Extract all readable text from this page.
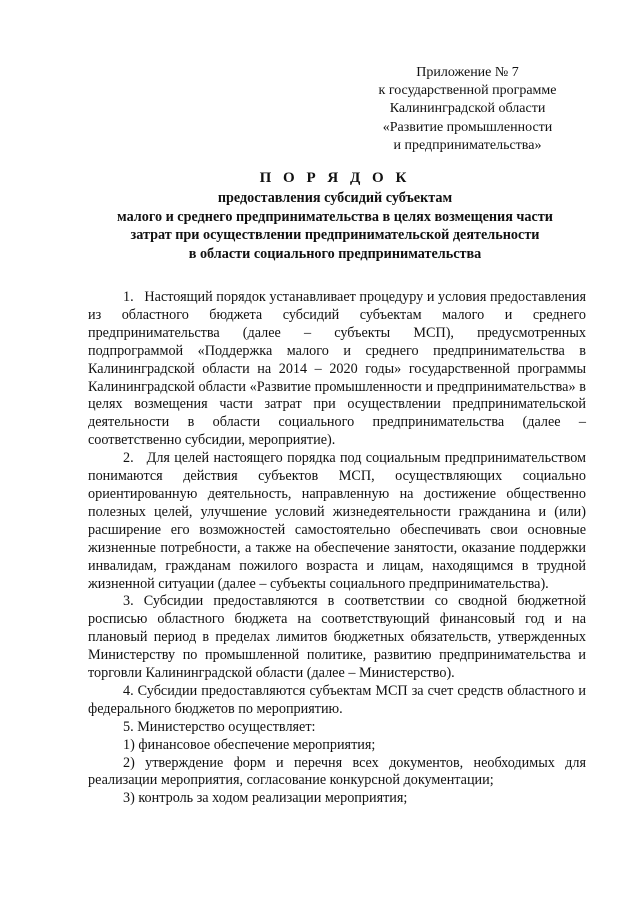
Приложение № 7
к государственной программе
Калининградской области
«Развитие промышленности
и предпринимательства»
П О Р Я Д О К
предоставления субсидий субъектам
малого и среднего предпринимательства в целях возмещения части
затрат при осуществлении предпринимательской деятельности
в области социального предпринимательства

1.   Настоящий порядок устанавливает процедуру и условия предоставления из областного бюджета субсидий субъектам малого и среднего предпринимательства (далее – субъекты МСП), предусмотренных подпрограммой «Поддержка малого и среднего предпринимательства в Калининградской области на 2014 – 2020 годы» государственной программы Калининградской области «Развитие промышленности и предпринимательства» в целях возмещения части затрат при осуществлении предпринимательской деятельности в области социального предпринимательства (далее – соответственно субсидии, мероприятие).

2.   Для целей настоящего порядка под социальным предпринимательством понимаются действия субъектов МСП, осуществляющих социально ориентированную деятельность, направленную на достижение общественно полезных целей, улучшение условий жизнедеятельности гражданина и (или) расширение его возможностей самостоятельно обеспечивать свои основные жизненные потребности, а также на обеспечение занятости, оказание поддержки инвалидам, гражданам пожилого возраста и лицам, находящимся в трудной жизненной ситуации (далее – субъекты социального предпринимательства).

3. Субсидии предоставляются в соответствии со сводной бюджетной росписью областного бюджета на соответствующий финансовый год и на плановый период в пределах лимитов бюджетных обязательств, утвержденных Министерству по промышленной политике, развитию предпринимательства и торговли Калининградской области (далее – Министерство).

4. Субсидии предоставляются субъектам МСП за счет средств областного и федерального бюджетов по мероприятию.

5. Министерство осуществляет:

1) финансовое обеспечение мероприятия;

2) утверждение форм и перечня всех документов, необходимых для реализации мероприятия, согласование конкурсной документации;

3) контроль за ходом реализации мероприятия;
